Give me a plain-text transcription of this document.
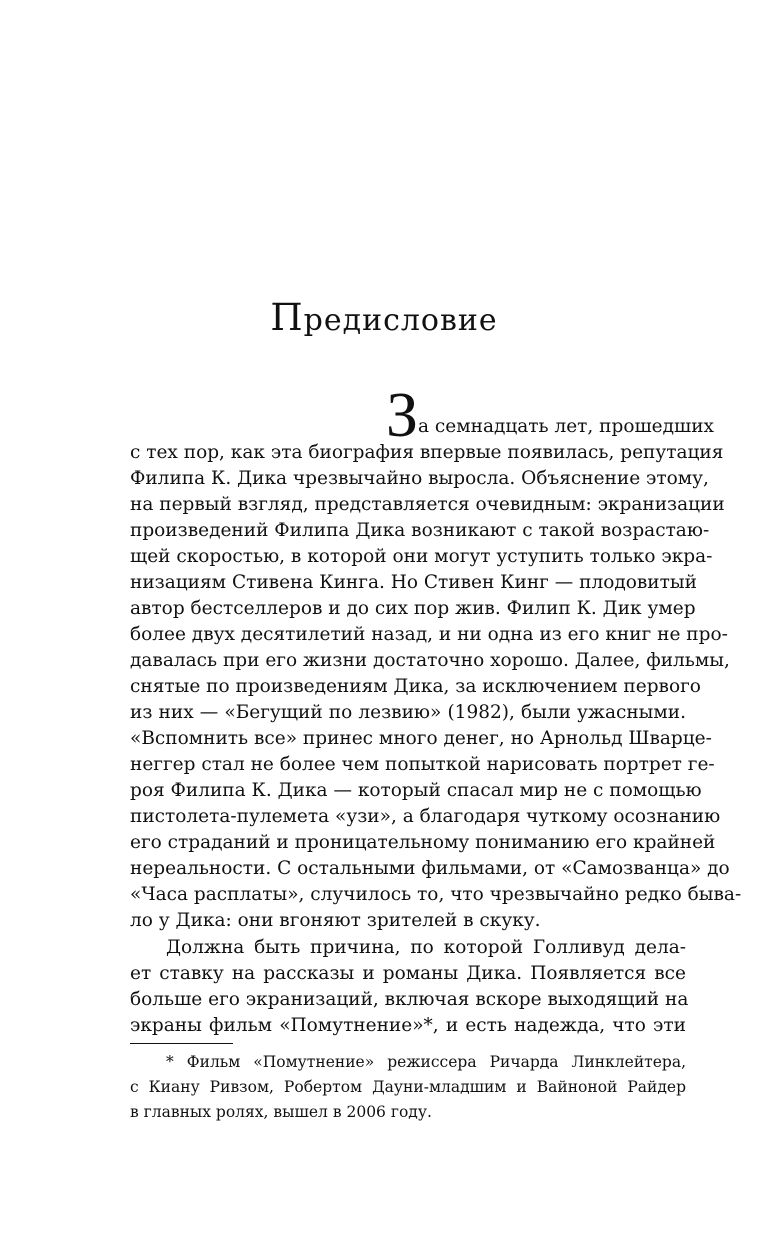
Предисловие
З а семнадцать лет, прошедших
с тех пор, как эта биография впервые появилась, репутация
Филипа К. Дика чрезвычайно выросла. Объяснение этому,
на первый взгляд, представляется очевидным: экранизации
произведений Филипа Дика возникают с такой возрастаю-
щей скоростью, в которой они могут уступить только экра-
низациям Стивена Кинга. Но Стивен Кинг — плодовитый
автор бестселлеров и до сих пор жив. Филип К. Дик умер
более двух десятилетий назад, и ни одна из его книг не про-
давалась при его жизни достаточно хорошо. Далее, фильмы,
снятые по произведениям Дика, за исключением первого
из них — «Бегущий по лезвию» (1982), были ужасными.
«Вспомнить все» принес много денег, но Арнольд Шварце-
неггер стал не более чем попыткой нарисовать портрет ге-
роя Филипа К. Дика — который спасал мир не с помощью
пистолета-пулемета «узи», а благодаря чуткому осознанию
его страданий и проницательному пониманию его крайней
нереальности. С остальными фильмами, от «Самозванца» до
«Часа расплаты», случилось то, что чрезвычайно редко быва-
ло у Дика: они вгоняют зрителей в скуку.
Должна быть причина, по которой Голливуд дела-
ет ставку на рассказы и романы Дика. Появляется все
больше его экранизаций, включая вскоре выходящий на
экраны фильм «Помутнение»*, и есть надежда, что эти
* Фильм «Помутнение» режиссера Ричарда Линклейтера,
с Киану Ривзом, Робертом Дауни-младшим и Вайноной Райдер
в главных ролях, вышел в 2006 году.
